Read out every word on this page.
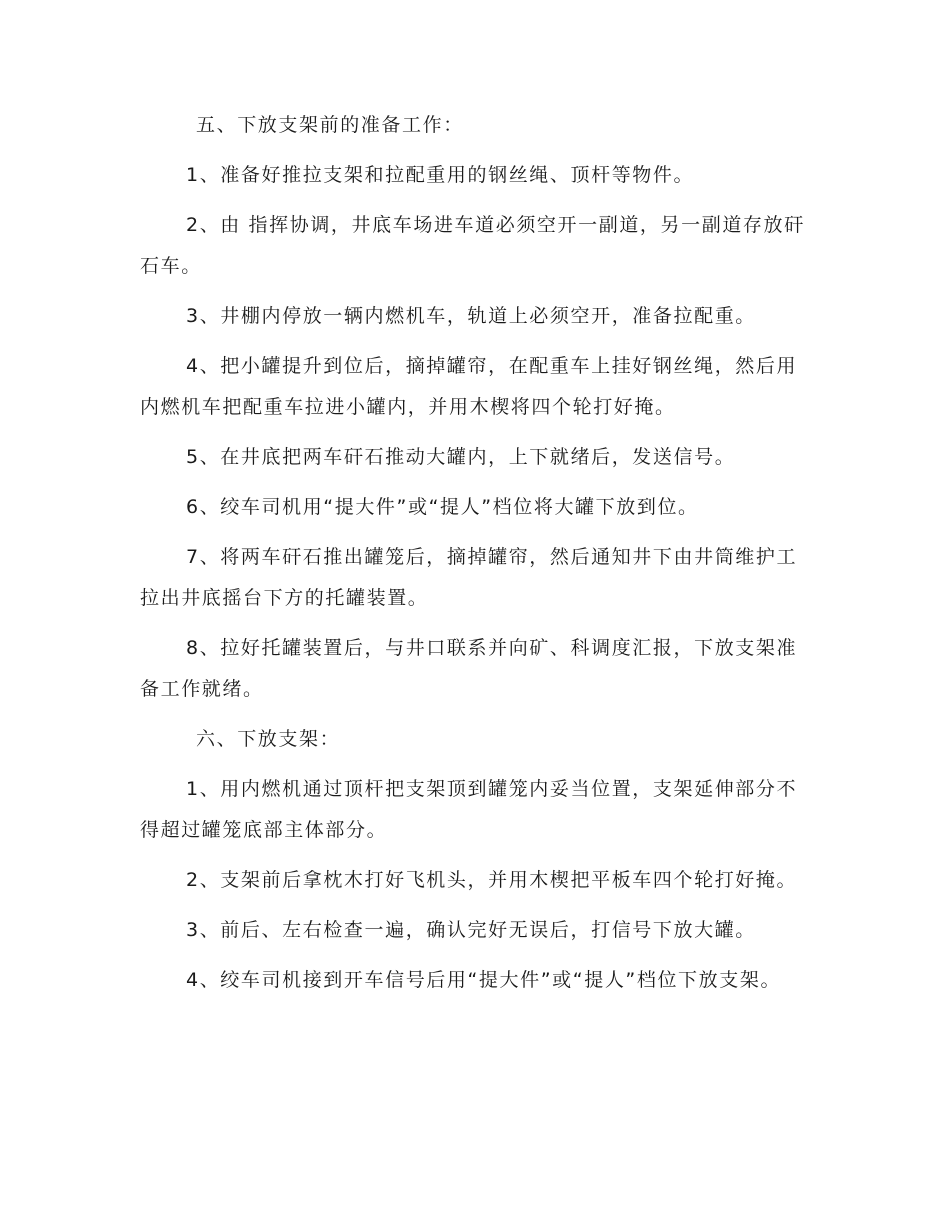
五、下放支架前的准备工作：

1、准备好推拉支架和拉配重用的钢丝绳、顶杆等物件。

2、由 指挥协调，井底车场进车道必须空开一副道，另一副道存放矸石车。

3、井棚内停放一辆内燃机车，轨道上必须空开，准备拉配重。

4、把小罐提升到位后，摘掉罐帘，在配重车上挂好钢丝绳，然后用内燃机车把配重车拉进小罐内，并用木楔将四个轮打好掩。

5、在井底把两车矸石推动大罐内，上下就绪后，发送信号。

6、绞车司机用“提大件”或“提人”档位将大罐下放到位。

7、将两车矸石推出罐笼后，摘掉罐帘，然后通知井下由井筒维护工拉出井底摇台下方的托罐装置。

8、拉好托罐装置后，与井口联系并向矿、科调度汇报，下放支架准备工作就绪。

六、下放支架：

1、用内燃机通过顶杆把支架顶到罐笼内妥当位置，支架延伸部分不得超过罐笼底部主体部分。

2、支架前后拿枕木打好飞机头，并用木楔把平板车四个轮打好掩。

3、前后、左右检查一遍，确认完好无误后，打信号下放大罐。

4、绞车司机接到开车信号后用“提大件”或“提人”档位下放支架。
